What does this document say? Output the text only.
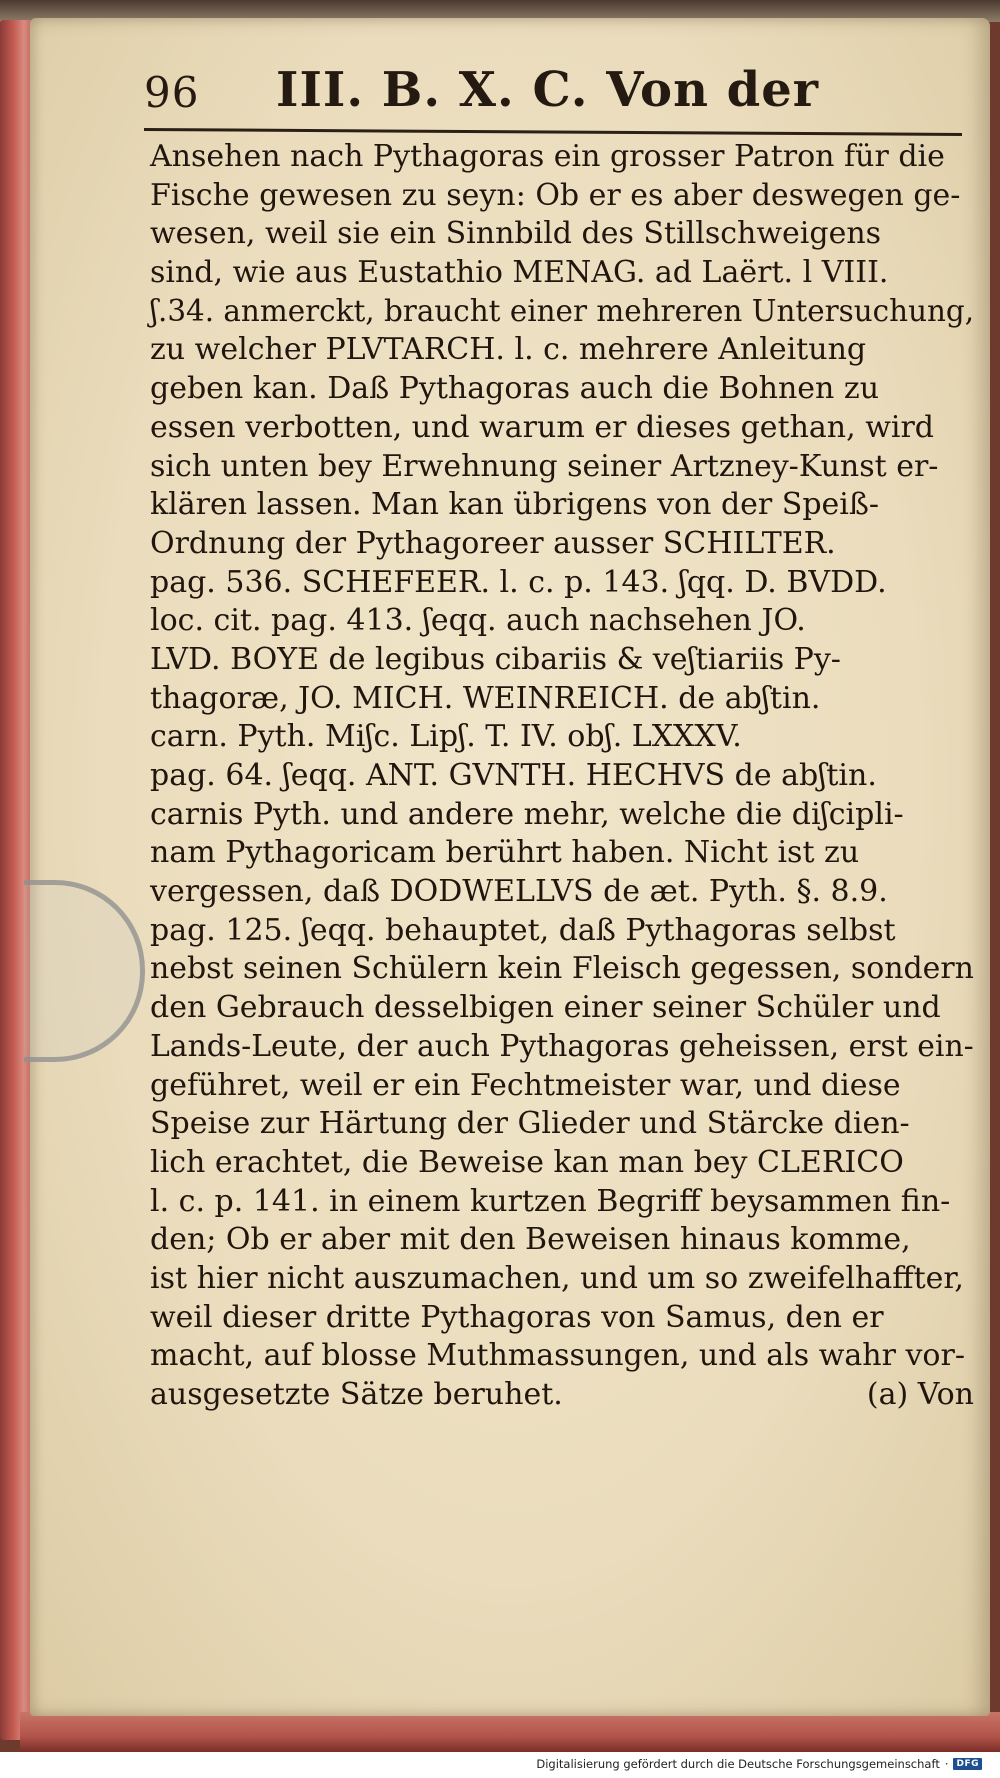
96 III. B. X. C. Von der
Ansehen nach Pythagoras ein grosser Patron für die
Fische gewesen zu seyn: Ob er es aber deswegen ge-
wesen, weil sie ein Sinnbild des Stillschweigens
sind, wie aus Eustathio MENAG. ad Laërt. l VIII.
ʃ.34. anmerckt, braucht einer mehreren Untersuchung,
zu welcher PLVTARCH. l. c. mehrere Anleitung
geben kan. Daß Pythagoras auch die Bohnen zu
essen verbotten, und warum er dieses gethan, wird
sich unten bey Erwehnung seiner Artzney-Kunst er-
klären lassen. Man kan übrigens von der Speiß-
Ordnung der Pythagoreer ausser SCHILTER.
pag. 536. SCHEFEER. l. c. p. 143. ʃqq. D. BVDD.
loc. cit. pag. 413. ʃeqq. auch nachsehen JO.
LVD. BOYE de legibus cibariis & veʃtiariis Py-
thagoræ, JO. MICH. WEINREICH. de abʃtin.
carn. Pyth. Miʃc. Lipʃ. T. IV. obʃ. LXXXV.
pag. 64. ʃeqq. ANT. GVNTH. HECHVS de abʃtin.
carnis Pyth. und andere mehr, welche die diʃcipli-
nam Pythagoricam berührt haben. Nicht ist zu
vergessen, daß DODWELLVS de æt. Pyth. §. 8.9.
pag. 125. ʃeqq. behauptet, daß Pythagoras selbst
nebst seinen Schülern kein Fleisch gegessen, sondern
den Gebrauch desselbigen einer seiner Schüler und
Lands-Leute, der auch Pythagoras geheissen, erst ein-
geführet, weil er ein Fechtmeister war, und diese
Speise zur Härtung der Glieder und Stärcke dien-
lich erachtet, die Beweise kan man bey CLERICO
l. c. p. 141. in einem kurtzen Begriff beysammen fin-
den; Ob er aber mit den Beweisen hinaus komme,
ist hier nicht auszumachen, und um so zweifelhaffter,
weil dieser dritte Pythagoras von Samus, den er
macht, auf blosse Muthmassungen, und als wahr vor-
ausgesetzte Sätze beruhet.	(a) Von
Digitalisierung gefördert durch die Deutsche Forschungsgemeinschaft · DFG
